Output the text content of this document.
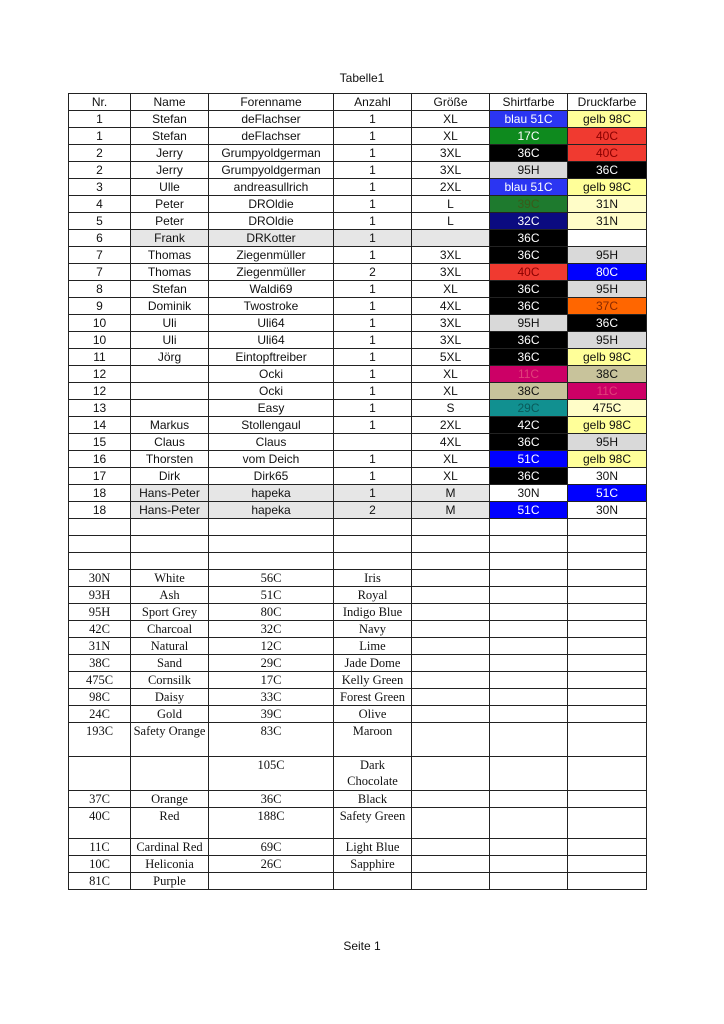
Tabelle1
Nr.	Name	Forenname	Anzahl	Größe	Shirtfarbe	Druckfarbe
1	Stefan	deFlachser	1	XL	blau 51C	gelb 98C
1	Stefan	deFlachser	1	XL	17C	40C
2	Jerry	Grumpyoldgerman	1	3XL	36C	40C
2	Jerry	Grumpyoldgerman	1	3XL	95H	36C
3	Ulle	andreasullrich	1	2XL	blau 51C	gelb 98C
4	Peter	DROldie	1	L	39C	31N
5	Peter	DROldie	1	L	32C	31N
6	Frank	DRKotter	1		36C	
7	Thomas	Ziegenmüller	1	3XL	36C	95H
7	Thomas	Ziegenmüller	2	3XL	40C	80C
8	Stefan	Waldi69	1	XL	36C	95H
9	Dominik	Twostroke	1	4XL	36C	37C
10	Uli	Uli64	1	3XL	95H	36C
10	Uli	Uli64	1	3XL	36C	95H
11	Jörg	Eintopftreiber	1	5XL	36C	gelb 98C
12		Ocki	1	XL	11C	38C
12		Ocki	1	XL	38C	11C
13		Easy	1	S	29C	475C
14	Markus	Stollengaul	1	2XL	42C	gelb 98C
15	Claus	Claus		4XL	36C	95H
16	Thorsten	vom Deich	1	XL	51C	gelb 98C
17	Dirk	Dirk65	1	XL	36C	30N
18	Hans-Peter	hapeka	1	M	30N	51C
18	Hans-Peter	hapeka	2	M	51C	30N

30N	White	56C	Iris			
93H	Ash	51C	Royal			
95H	Sport Grey	80C	Indigo Blue			
42C	Charcoal	32C	Navy			
31N	Natural	12C	Lime			
38C	Sand	29C	Jade Dome			
475C	Cornsilk	17C	Kelly Green			
98C	Daisy	33C	Forest Green			
24C	Gold	39C	Olive			
193C	Safety Orange	83C	Maroon			
		105C	Dark Chocolate			
37C	Orange	36C	Black			
40C	Red	188C	Safety Green			
11C	Cardinal Red	69C	Light Blue			
10C	Heliconia	26C	Sapphire			
81C	Purple					
Seite 1
